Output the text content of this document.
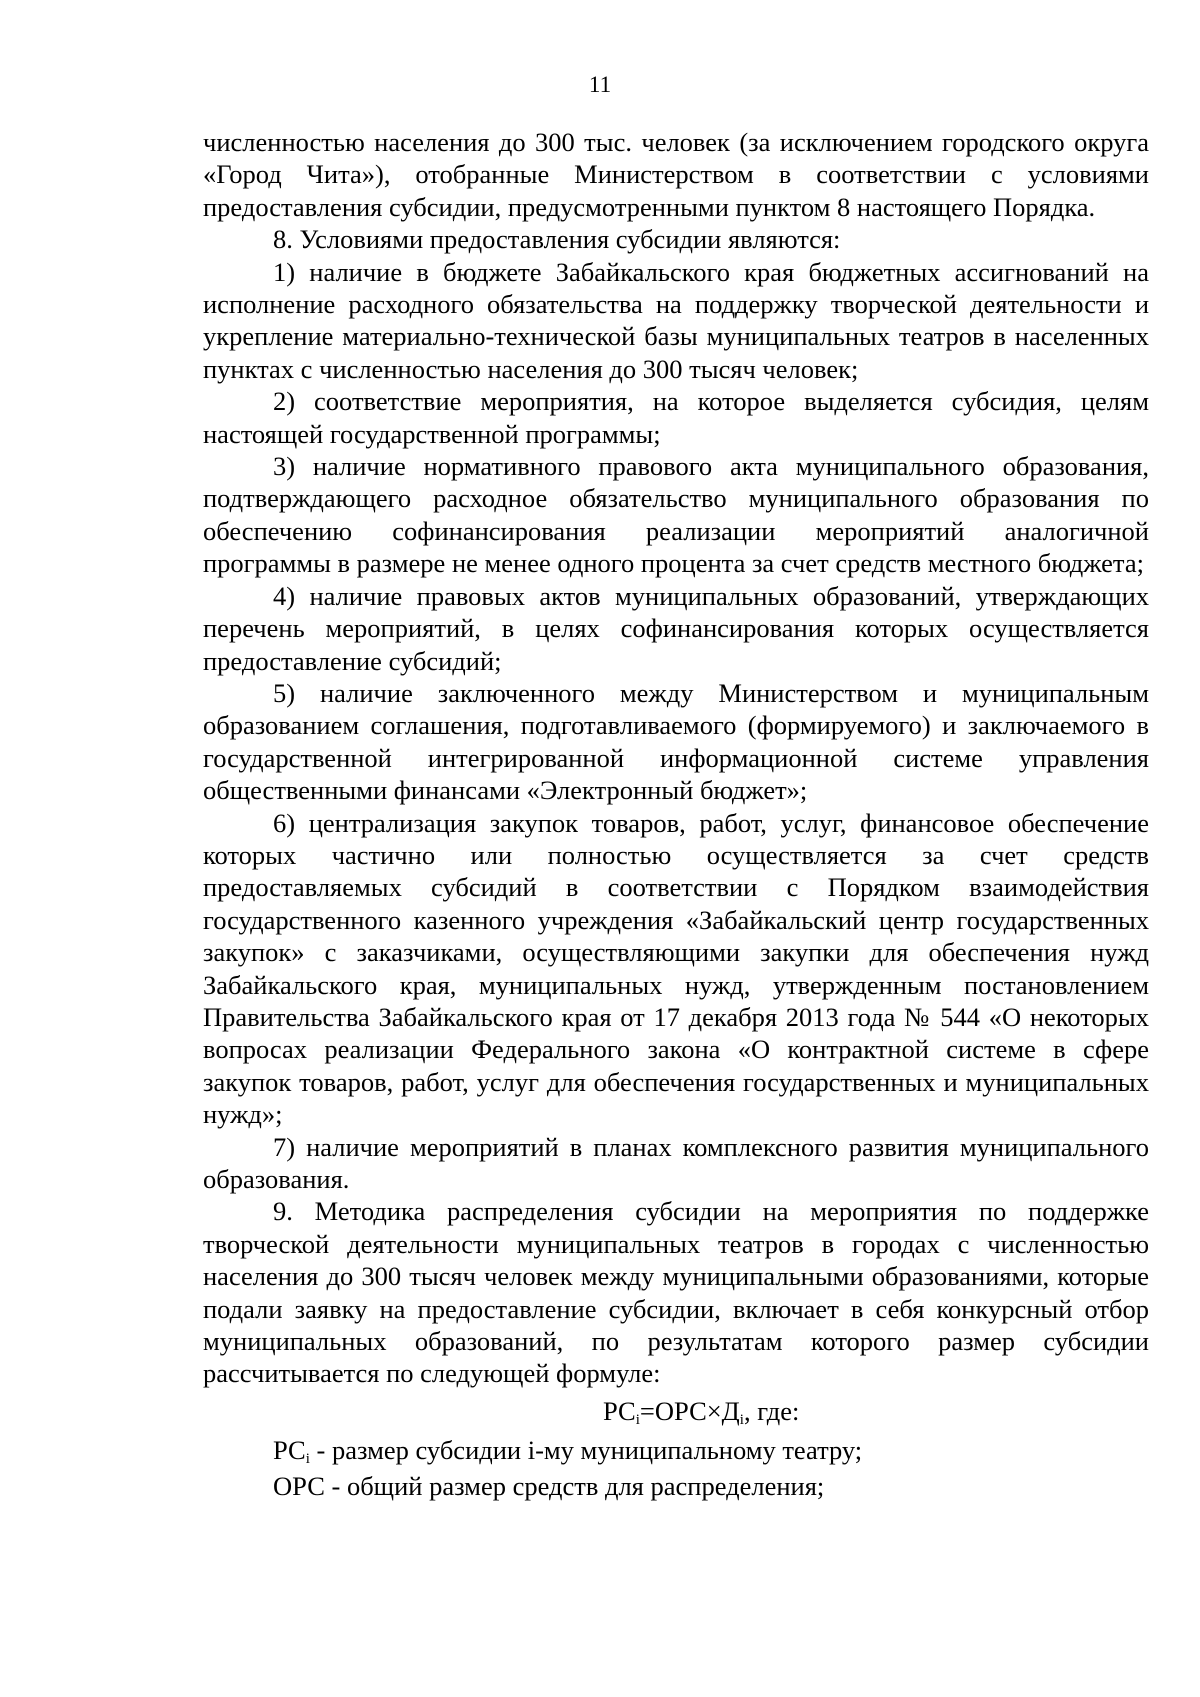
11

численностью населения до 300 тыс. человек (за исключением городского округа «Город Чита»), отобранные Министерством в соответствии с условиями предоставления субсидии, предусмотренными пунктом 8 настоящего Порядка.

8. Условиями предоставления субсидии являются:

1) наличие в бюджете Забайкальского края бюджетных ассигнований на исполнение расходного обязательства на поддержку творческой деятельности и укрепление материально-технической базы муниципальных театров в населенных пунктах с численностью населения до 300 тысяч человек;

2) соответствие мероприятия, на которое выделяется субсидия, целям настоящей государственной программы;

3) наличие нормативного правового акта муниципального образования, подтверждающего расходное обязательство муниципального образования по обеспечению софинансирования реализации мероприятий аналогичной программы в размере не менее одного процента за счет средств местного бюджета;

4) наличие правовых актов муниципальных образований, утверждающих перечень мероприятий, в целях софинансирования которых осуществляется предоставление субсидий;

5) наличие заключенного между Министерством и муниципальным образованием соглашения, подготавливаемого (формируемого) и заключаемого в государственной интегрированной информационной системе управления общественными финансами «Электронный бюджет»;

6) централизация закупок товаров, работ, услуг, финансовое обеспечение которых частично или полностью осуществляется за счет средств предоставляемых субсидий в соответствии с Порядком взаимодействия государственного казенного учреждения «Забайкальский центр государственных закупок» с заказчиками, осуществляющими закупки для обеспечения нужд Забайкальского края, муниципальных нужд, утвержденным постановлением Правительства Забайкальского края от 17 декабря 2013 года № 544 «О некоторых вопросах реализации Федерального закона «О контрактной системе в сфере закупок товаров, работ, услуг для обеспечения государственных и муниципальных нужд»;

7) наличие мероприятий в планах комплексного развития муниципального образования.

9. Методика распределения субсидии на мероприятия по поддержке творческой деятельности муниципальных театров в городах с численностью населения до 300 тысяч человек между муниципальными образованиями, которые подали заявку на предоставление субсидии, включает в себя конкурсный отбор муниципальных образований, по результатам которого размер субсидии рассчитывается по следующей формуле:

$РС_i=ОРС\times Д_i$, где:

$РС_i$ - размер субсидии i-му муниципальному театру;

ОРС - общий размер средств для распределения;
